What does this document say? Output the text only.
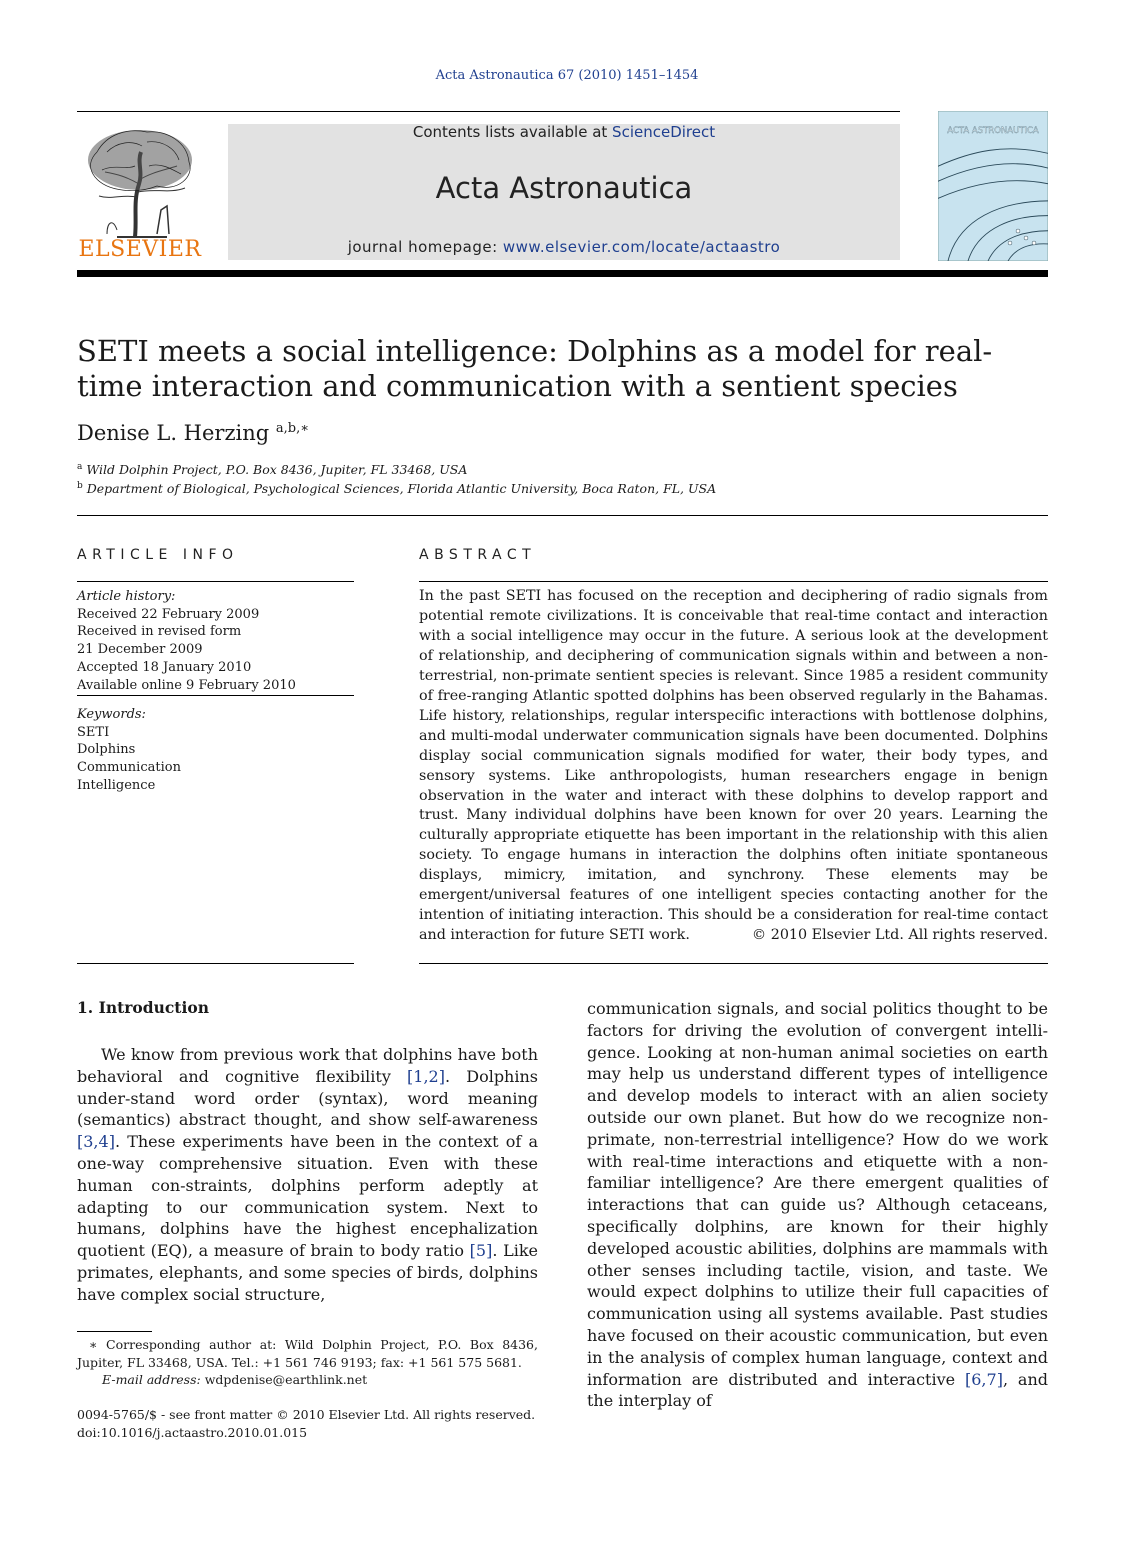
Acta Astronautica 67 (2010) 1451–1454
Contents lists available at ScienceDirect
Acta Astronautica
journal homepage: www.elsevier.com/locate/actaastro
ELSEVIER
ACTA ASTRONAUTICA
SETI meets a social intelligence: Dolphins as a model for real-time interaction and communication with a sentient species
Denise L. Herzing $^{a,b,∗}$
$^a$ Wild Dolphin Project, P.O. Box 8436, Jupiter, FL 33468, USA
$^b$ Department of Biological, Psychological Sciences, Florida Atlantic University, Boca Raton, FL, USA
ARTICLE INFO
Article history:
Received 22 February 2009
Received in revised form
21 December 2009
Accepted 18 January 2010
Available online 9 February 2010
Keywords:
SETI
Dolphins
Communication
Intelligence
ABSTRACT
In the past SETI has focused on the reception and deciphering of radio signals from potential remote civilizations. It is conceivable that real-time contact and interaction with a social intelligence may occur in the future. A serious look at the development of relationship, and deciphering of communication signals within and between a non-terrestrial, non-primate sentient species is relevant. Since 1985 a resident community of free-ranging Atlantic spotted dolphins has been observed regularly in the Bahamas. Life history, relationships, regular interspecific interactions with bottlenose dolphins, and multi-modal underwater communication signals have been documented. Dolphins display social communication signals modified for water, their body types, and sensory systems. Like anthropologists, human researchers engage in benign observation in the water and interact with these dolphins to develop rapport and trust. Many individual dolphins have been known for over 20 years. Learning the culturally appropriate etiquette has been important in the relationship with this alien society. To engage humans in interaction the dolphins often initiate spontaneous displays, mimicry, imitation, and synchrony. These elements may be emergent/universal features of one intelligent species contacting another for the intention of initiating interaction. This should be a consideration for real-time contact and interaction for future SETI work.	© 2010 Elsevier Ltd. All rights reserved.
1. Introduction
We know from previous work that dolphins have both behavioral and cognitive flexibility [1,2]. Dolphins under-stand word order (syntax), word meaning (semantics) abstract thought, and show self-awareness [3,4]. These experiments have been in the context of a one-way comprehensive situation. Even with these human con-straints, dolphins perform adeptly at adapting to our communication system. Next to humans, dolphins have the highest encephalization quotient (EQ), a measure of brain to body ratio [5]. Like primates, elephants, and some species of birds, dolphins have complex social structure,
communication signals, and social politics thought to be factors for driving the evolution of convergent intelli-gence. Looking at non-human animal societies on earth may help us understand different types of intelligence and develop models to interact with an alien society outside our own planet. But how do we recognize non-primate, non-terrestrial intelligence? How do we work with real-time interactions and etiquette with a non-familiar intelligence? Are there emergent qualities of interactions that can guide us? Although cetaceans, specifically dolphins, are known for their highly developed acoustic abilities, dolphins are mammals with other senses including tactile, vision, and taste. We would expect dolphins to utilize their full capacities of communication using all systems available. Past studies have focused on their acoustic communication, but even in the analysis of complex human language, context and information are distributed and interactive [6,7], and the interplay of
∗ Corresponding author at: Wild Dolphin Project, P.O. Box 8436, Jupiter, FL 33468, USA. Tel.: +1 561 746 9193; fax: +1 561 575 5681.
E-mail address: wdpdenise@earthlink.net
0094-5765/$ - see front matter © 2010 Elsevier Ltd. All rights reserved.
doi:10.1016/j.actaastro.2010.01.015
